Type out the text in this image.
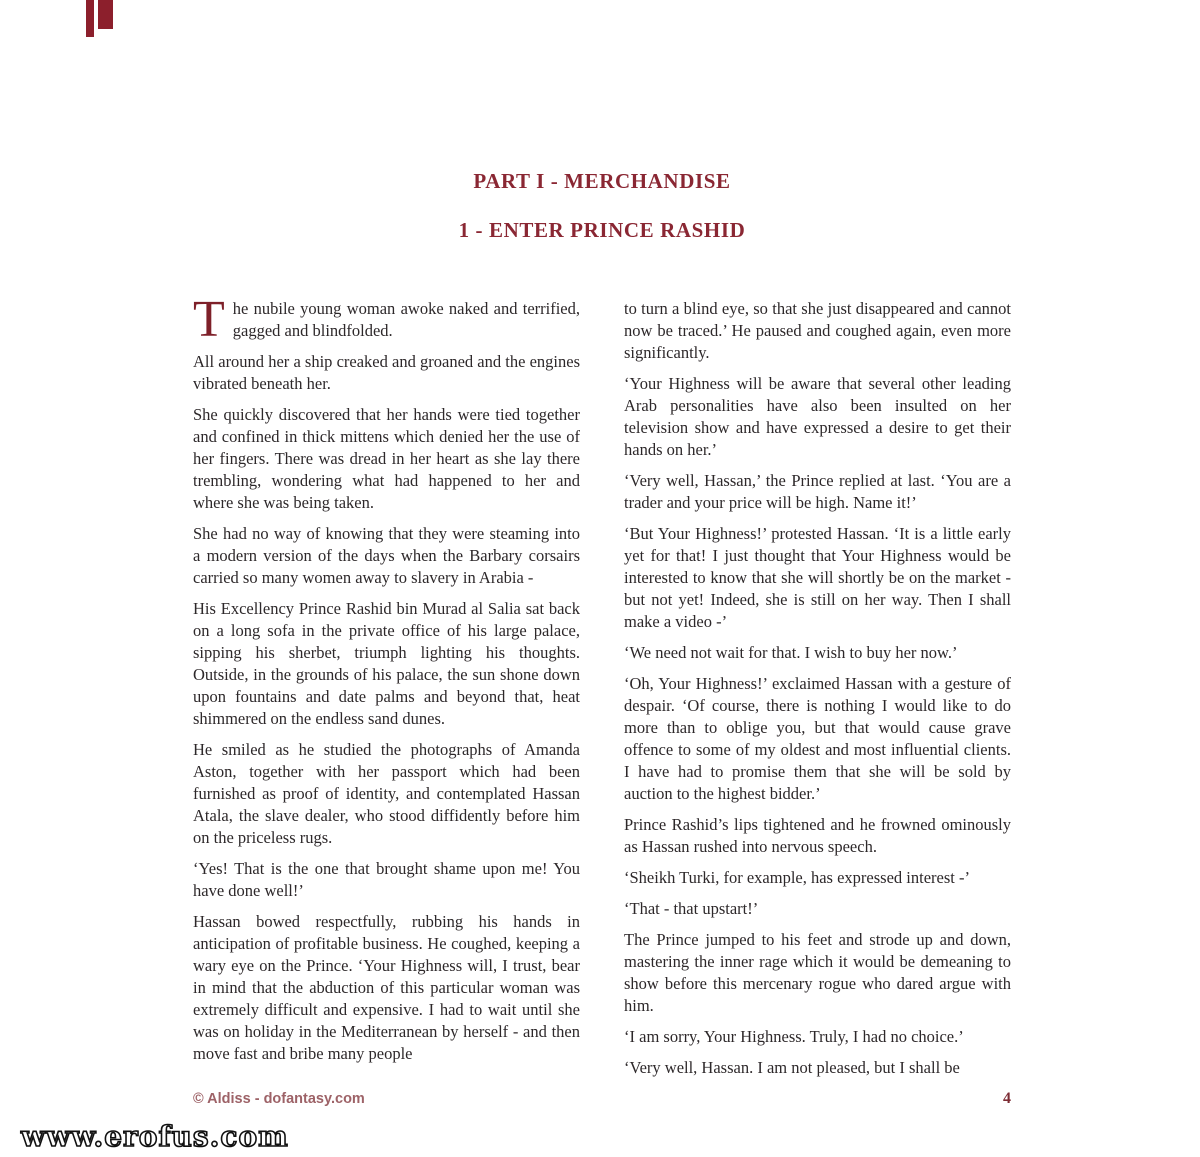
PART I - MERCHANDISE
1 - ENTER PRINCE RASHID

The nubile young woman awoke naked and terrified, gagged and blindfolded.

All around her a ship creaked and groaned and the engines vibrated beneath her.

She quickly discovered that her hands were tied together and confined in thick mittens which denied her the use of her fingers. There was dread in her heart as she lay there trembling, wondering what had happened to her and where she was being taken.

She had no way of knowing that they were steaming into a modern version of the days when the Barbary corsairs carried so many women away to slavery in Arabia -

His Excellency Prince Rashid bin Murad al Salia sat back on a long sofa in the private office of his large palace, sipping his sherbet, triumph lighting his thoughts. Outside, in the grounds of his palace, the sun shone down upon fountains and date palms and beyond that, heat shimmered on the endless sand dunes.

He smiled as he studied the photographs of Amanda Aston, together with her passport which had been furnished as proof of identity, and contemplated Hassan Atala, the slave dealer, who stood diffidently before him on the priceless rugs.

‘Yes! That is the one that brought shame upon me! You have done well!’

Hassan bowed respectfully, rubbing his hands in anticipation of profitable business. He coughed, keeping a wary eye on the Prince. ‘Your Highness will, I trust, bear in mind that the abduction of this particular woman was extremely difficult and expensive. I had to wait until she was on holiday in the Mediterranean by herself - and then move fast and bribe many people

to turn a blind eye, so that she just disappeared and cannot now be traced.’ He paused and coughed again, even more significantly.

‘Your Highness will be aware that several other leading Arab personalities have also been insulted on her television show and have expressed a desire to get their hands on her.’

‘Very well, Hassan,’ the Prince replied at last. ‘You are a trader and your price will be high. Name it!’

‘But Your Highness!’ protested Hassan. ‘It is a little early yet for that! I just thought that Your Highness would be interested to know that she will shortly be on the market - but not yet! Indeed, she is still on her way. Then I shall make a video -’

‘We need not wait for that. I wish to buy her now.’

‘Oh, Your Highness!’ exclaimed Hassan with a gesture of despair. ‘Of course, there is nothing I would like to do more than to oblige you, but that would cause grave offence to some of my oldest and most influential clients. I have had to promise them that she will be sold by auction to the highest bidder.’

Prince Rashid’s lips tightened and he frowned ominously as Hassan rushed into nervous speech.

‘Sheikh Turki, for example, has expressed interest -’

‘That - that upstart!’

The Prince jumped to his feet and strode up and down, mastering the inner rage which it would be demeaning to show before this mercenary rogue who dared argue with him.

‘I am sorry, Your Highness. Truly, I had no choice.’

‘Very well, Hassan. I am not pleased, but I shall be

© Aldiss - dofantasy.com	4
www.erofus.com
